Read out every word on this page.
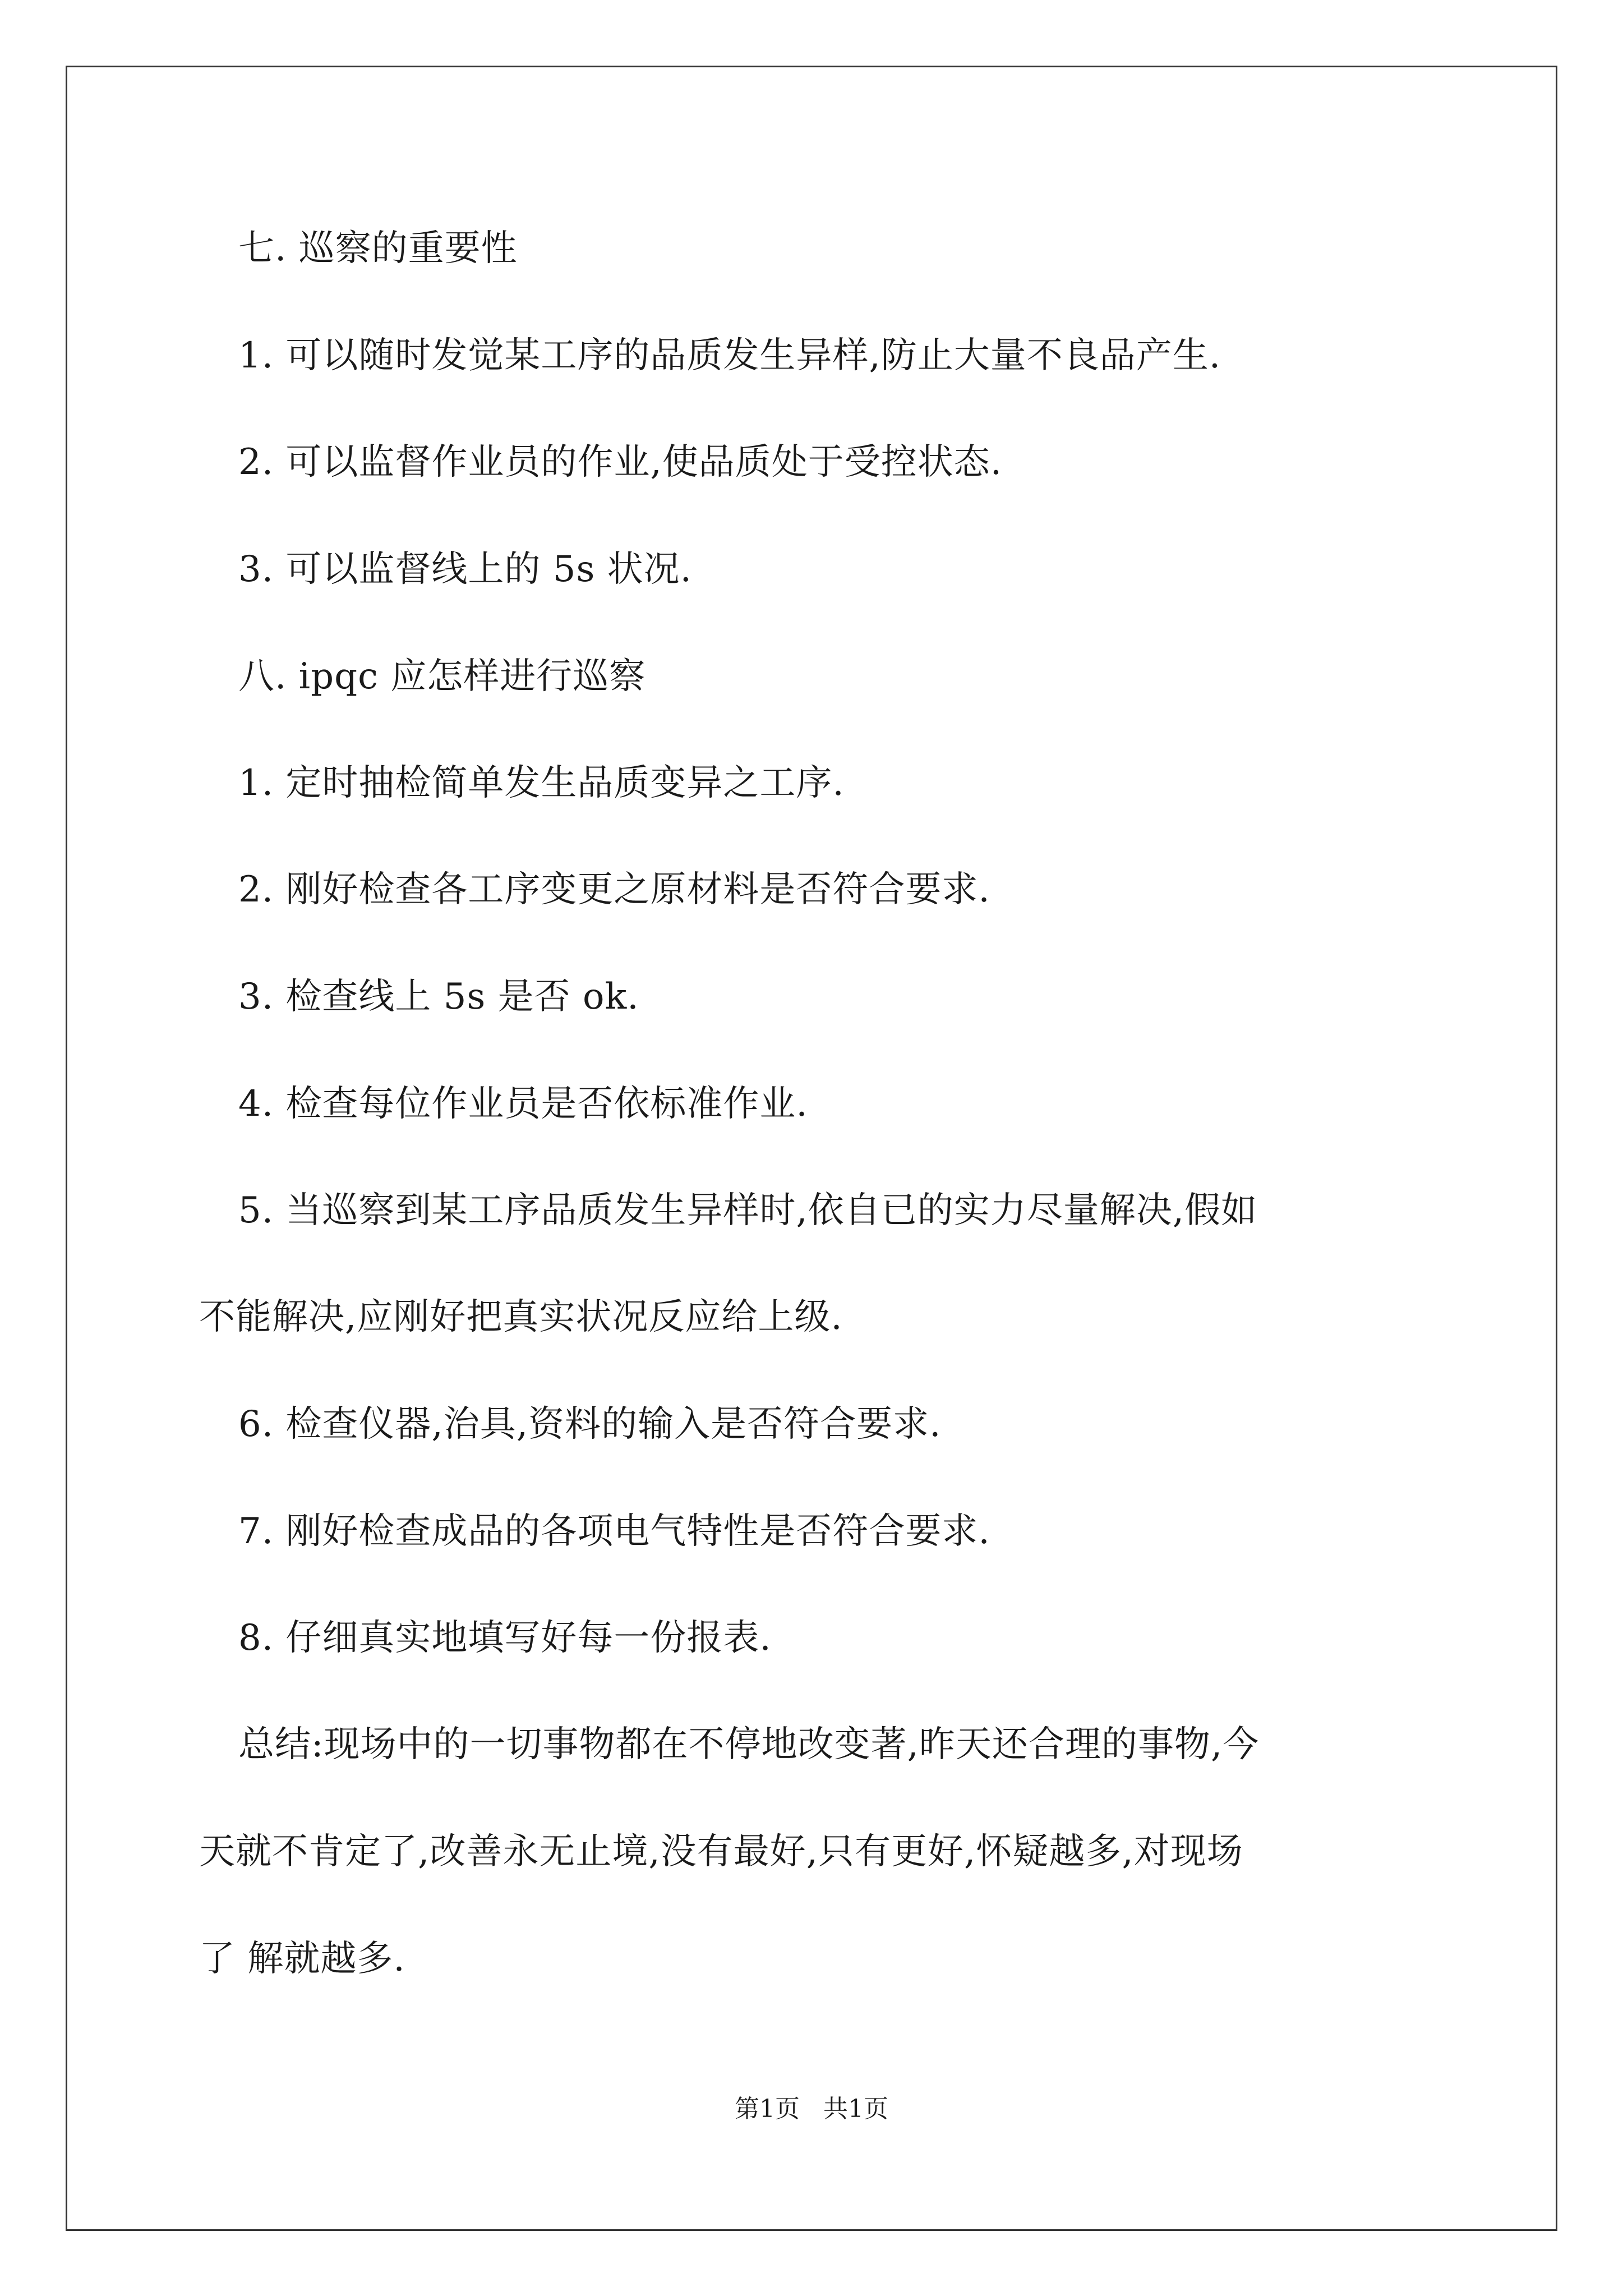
七. 巡察的重要性
1. 可以随时发觉某工序的品质发生异样,防止大量不良品产生.
2. 可以监督作业员的作业,使品质处于受控状态.
3. 可以监督线上的 5s 状况.
八. ipqc 应怎样进行巡察
1. 定时抽检简单发生品质变异之工序.
2. 刚好检查各工序变更之原材料是否符合要求.
3. 检查线上 5s 是否 ok.
4. 检查每位作业员是否依标准作业.
5. 当巡察到某工序品质发生异样时,依自已的实力尽量解决,假如
不能解决,应刚好把真实状况反应给上级.
6. 检查仪器,治具,资料的输入是否符合要求.
7. 刚好检查成品的各项电气特性是否符合要求.
8. 仔细真实地填写好每一份报表.
总结:现场中的一切事物都在不停地改变著,昨天还合理的事物,今
天就不肯定了,改善永无止境,没有最好,只有更好,怀疑越多,对现场
了 解就越多.
第1页   共1页
